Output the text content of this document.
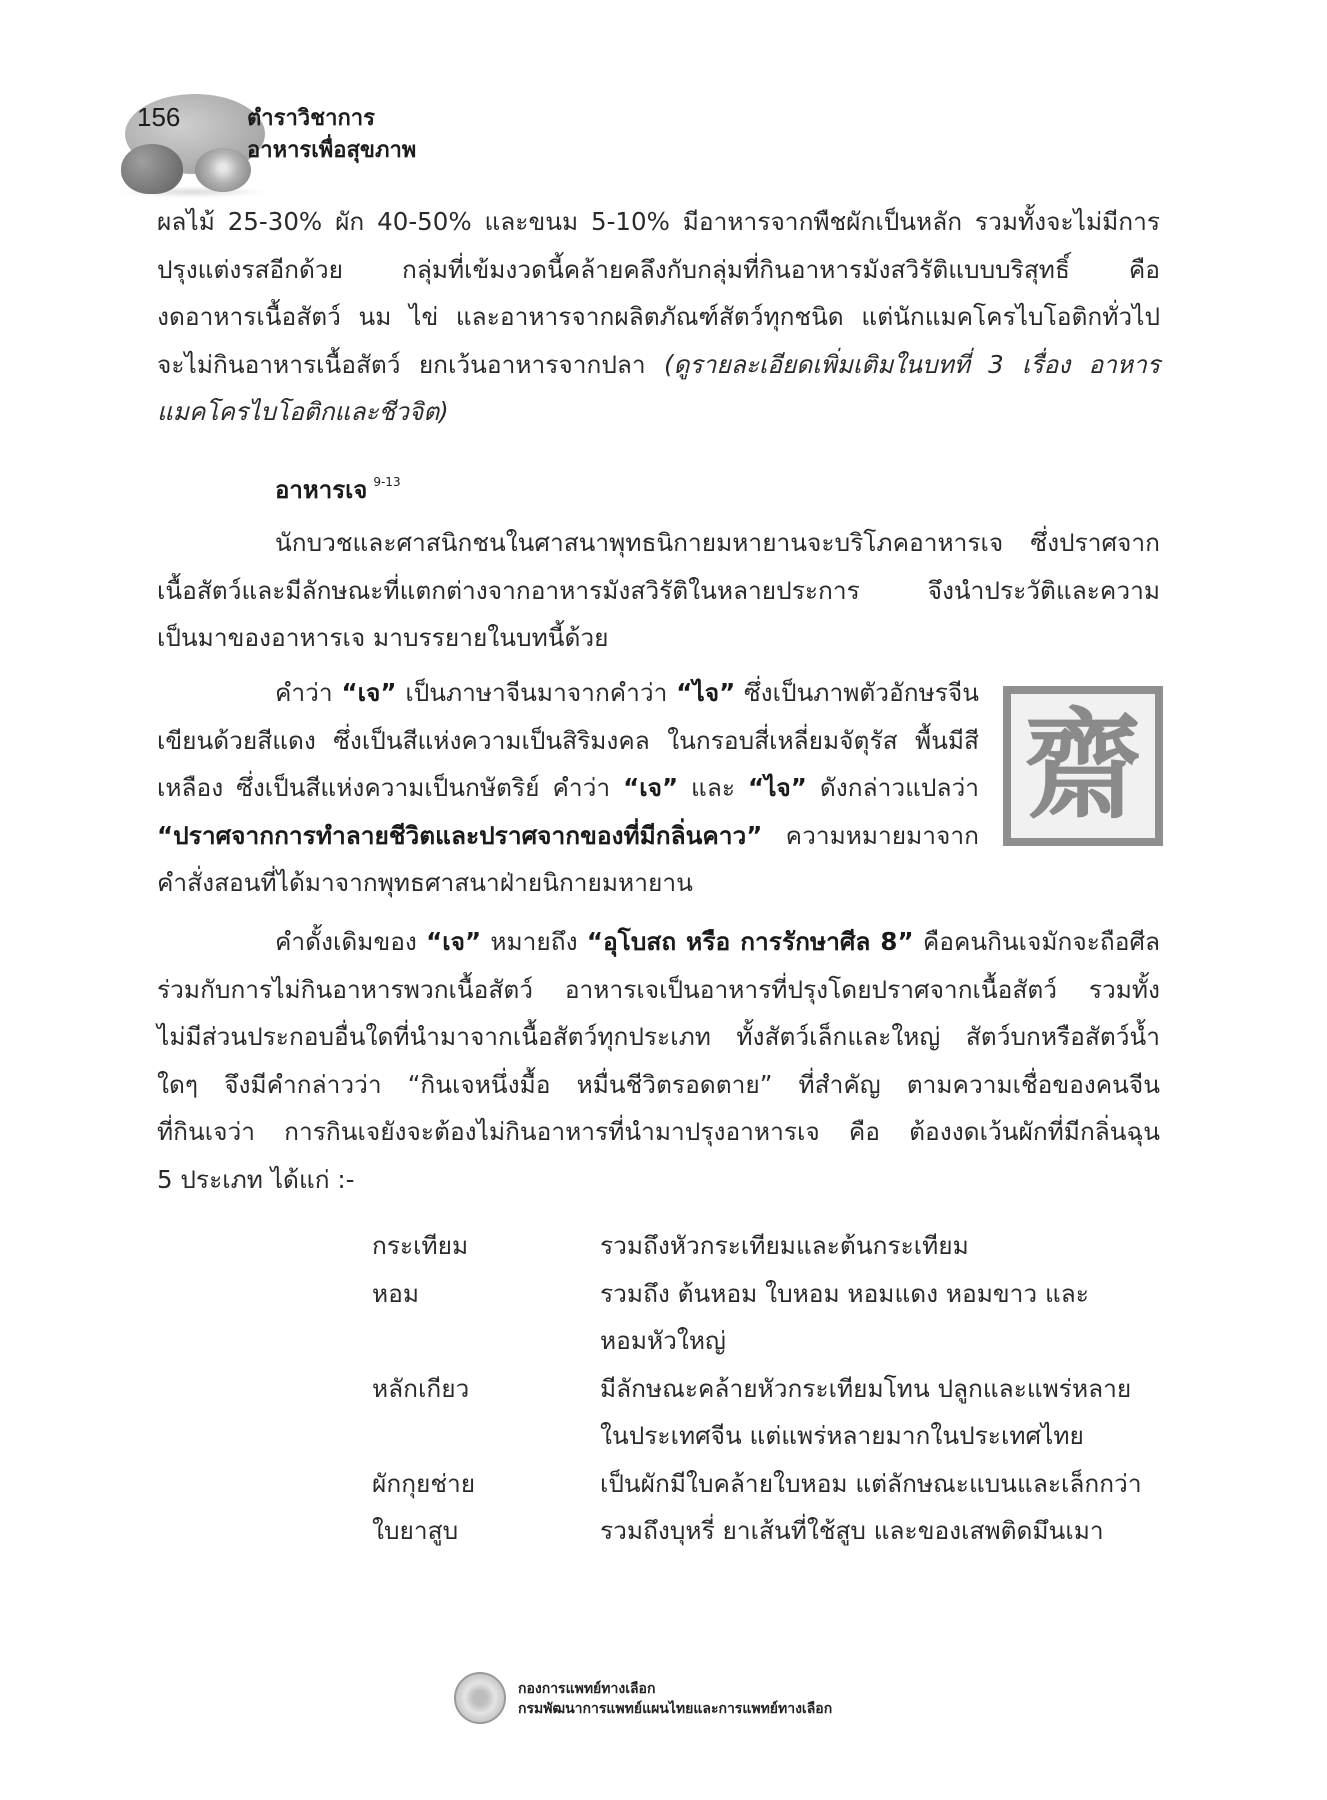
156	ตำราวิชาการ
อาหารเพื่อสุขภาพ
ผลไม้ 25-30% ผัก 40-50% และขนม 5-10% มีอาหารจากพืชผักเป็นหลัก รวมทั้งจะไม่มีการ
ปรุงแต่งรสอีกด้วย กลุ่มที่เข้มงวดนี้คล้ายคลึงกับกลุ่มที่กินอาหารมังสวิรัติแบบบริสุทธิ์ คือ
งดอาหารเนื้อสัตว์ นม ไข่ และอาหารจากผลิตภัณฑ์สัตว์ทุกชนิด แต่นักแมคโครไบโอติกทั่วไป
จะไม่กินอาหารเนื้อสัตว์ ยกเว้นอาหารจากปลา (ดูรายละเอียดเพิ่มเติมในบทที่ 3 เรื่อง อาหาร
แมคโครไบโอติกและชีวจิต)
อาหารเจ $^{9-13}$
นักบวชและศาสนิกชนในศาสนาพุทธนิกายมหายานจะบริโภคอาหารเจ ซึ่งปราศจาก
เนื้อสัตว์และมีลักษณะที่แตกต่างจากอาหารมังสวิรัติในหลายประการ จึงนำประวัติและความ
เป็นมาของอาหารเจ มาบรรยายในบทนี้ด้วย
คำว่า “เจ” เป็นภาษาจีนมาจากคำว่า “ไจ” ซึ่งเป็นภาพตัวอักษรจีน
เขียนด้วยสีแดง ซึ่งเป็นสีแห่งความเป็นสิริมงคล ในกรอบสี่เหลี่ยมจัตุรัส พื้นมีสี
เหลือง ซึ่งเป็นสีแห่งความเป็นกษัตริย์ คำว่า “เจ” และ “ไจ” ดังกล่าวแปลว่า
“ปราศจากการทำลายชีวิตและปราศจากของที่มีกลิ่นคาว” ความหมายมาจาก
คำสั่งสอนที่ได้มาจากพุทธศาสนาฝ่ายนิกายมหายาน
齋
คำดั้งเดิมของ “เจ” หมายถึง “อุโบสถ หรือ การรักษาศีล 8” คือคนกินเจมักจะถือศีล
ร่วมกับการไม่กินอาหารพวกเนื้อสัตว์ อาหารเจเป็นอาหารที่ปรุงโดยปราศจากเนื้อสัตว์ รวมทั้ง
ไม่มีส่วนประกอบอื่นใดที่นำมาจากเนื้อสัตว์ทุกประเภท ทั้งสัตว์เล็กและใหญ่ สัตว์บกหรือสัตว์น้ำ
ใดๆ จึงมีคำกล่าวว่า “กินเจหนึ่งมื้อ หมื่นชีวิตรอดตาย” ที่สำคัญ ตามความเชื่อของคนจีน
ที่กินเจว่า การกินเจยังจะต้องไม่กินอาหารที่นำมาปรุงอาหารเจ คือ ต้องงดเว้นผักที่มีกลิ่นฉุน
5 ประเภท ได้แก่ :-
กระเทียม	รวมถึงหัวกระเทียมและต้นกระเทียม
หอม	รวมถึง ต้นหอม ใบหอม หอมแดง หอมขาว และ
หอมหัวใหญ่
หลักเกียว	มีลักษณะคล้ายหัวกระเทียมโทน ปลูกและแพร่หลาย
ในประเทศจีน แต่แพร่หลายมากในประเทศไทย
ผักกุยช่าย	เป็นผักมีใบคล้ายใบหอม แต่ลักษณะแบนและเล็กกว่า
ใบยาสูบ	รวมถึงบุหรี่ ยาเส้นที่ใช้สูบ และของเสพติดมึนเมา
กองการแพทย์ทางเลือก
กรมพัฒนาการแพทย์แผนไทยและการแพทย์ทางเลือก
